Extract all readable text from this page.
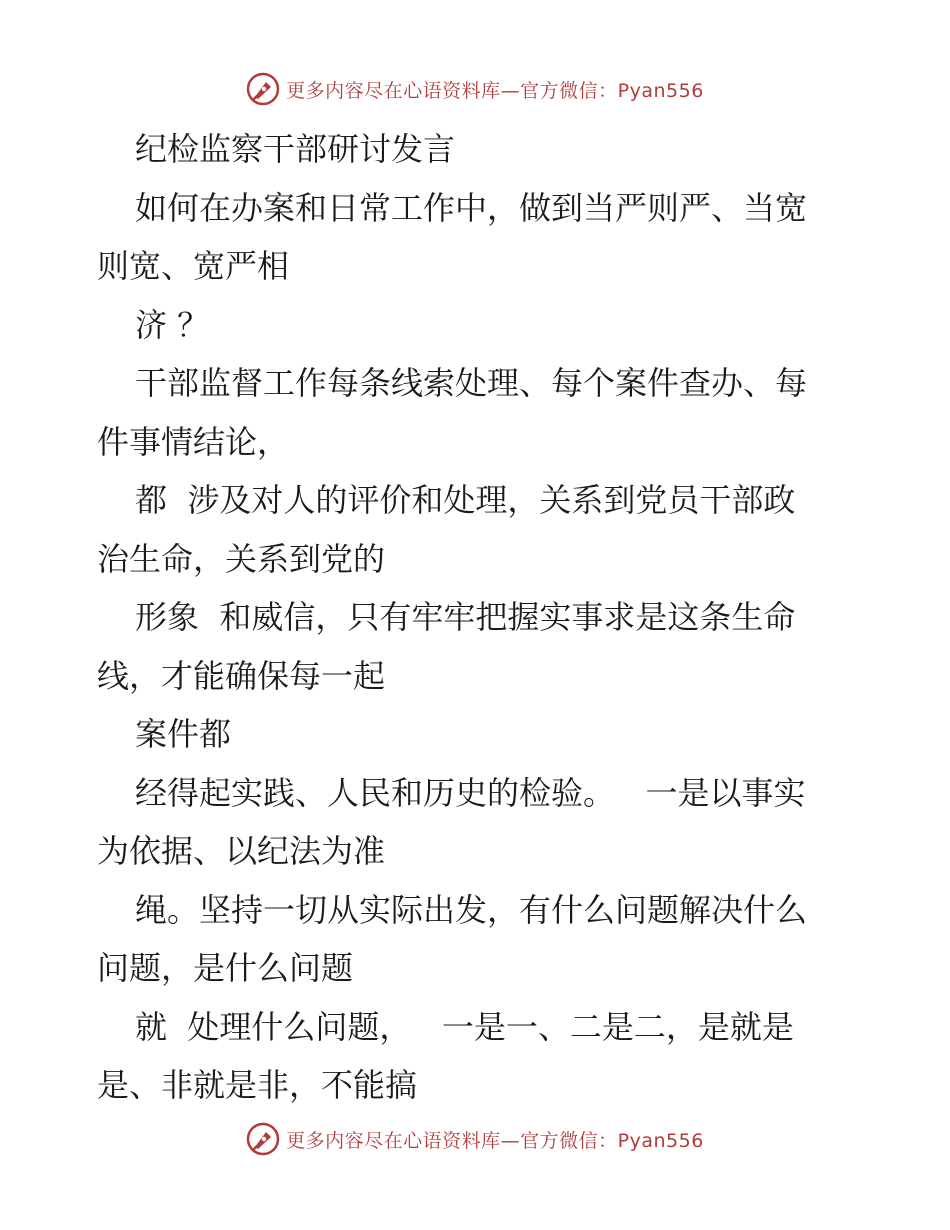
更多内容尽在心语资料库—官方微信：Pyan556
纪检监察干部研讨发言
如何在办案和日常工作中，做到当严则严、当宽
则宽、宽严相
济 ？
干部监督工作每条线索处理、每个案件查办、每
件事情结论，
都  涉及对人的评价和处理，关系到党员干部政
治生命，关系到党的
形象  和威信，只有牢牢把握实事求是这条生命
线，才能确保每一起
案件都
经得起实践、人民和历史的检验。   一是以事实
为依据、以纪法为准
绳。坚持一切从实际出发，有什么问题解决什么
问题，是什么问题
就  处理什么问题，   一是一、二是二，是就是
是、非就是非，不能搞
更多内容尽在心语资料库—官方微信：Pyan556
